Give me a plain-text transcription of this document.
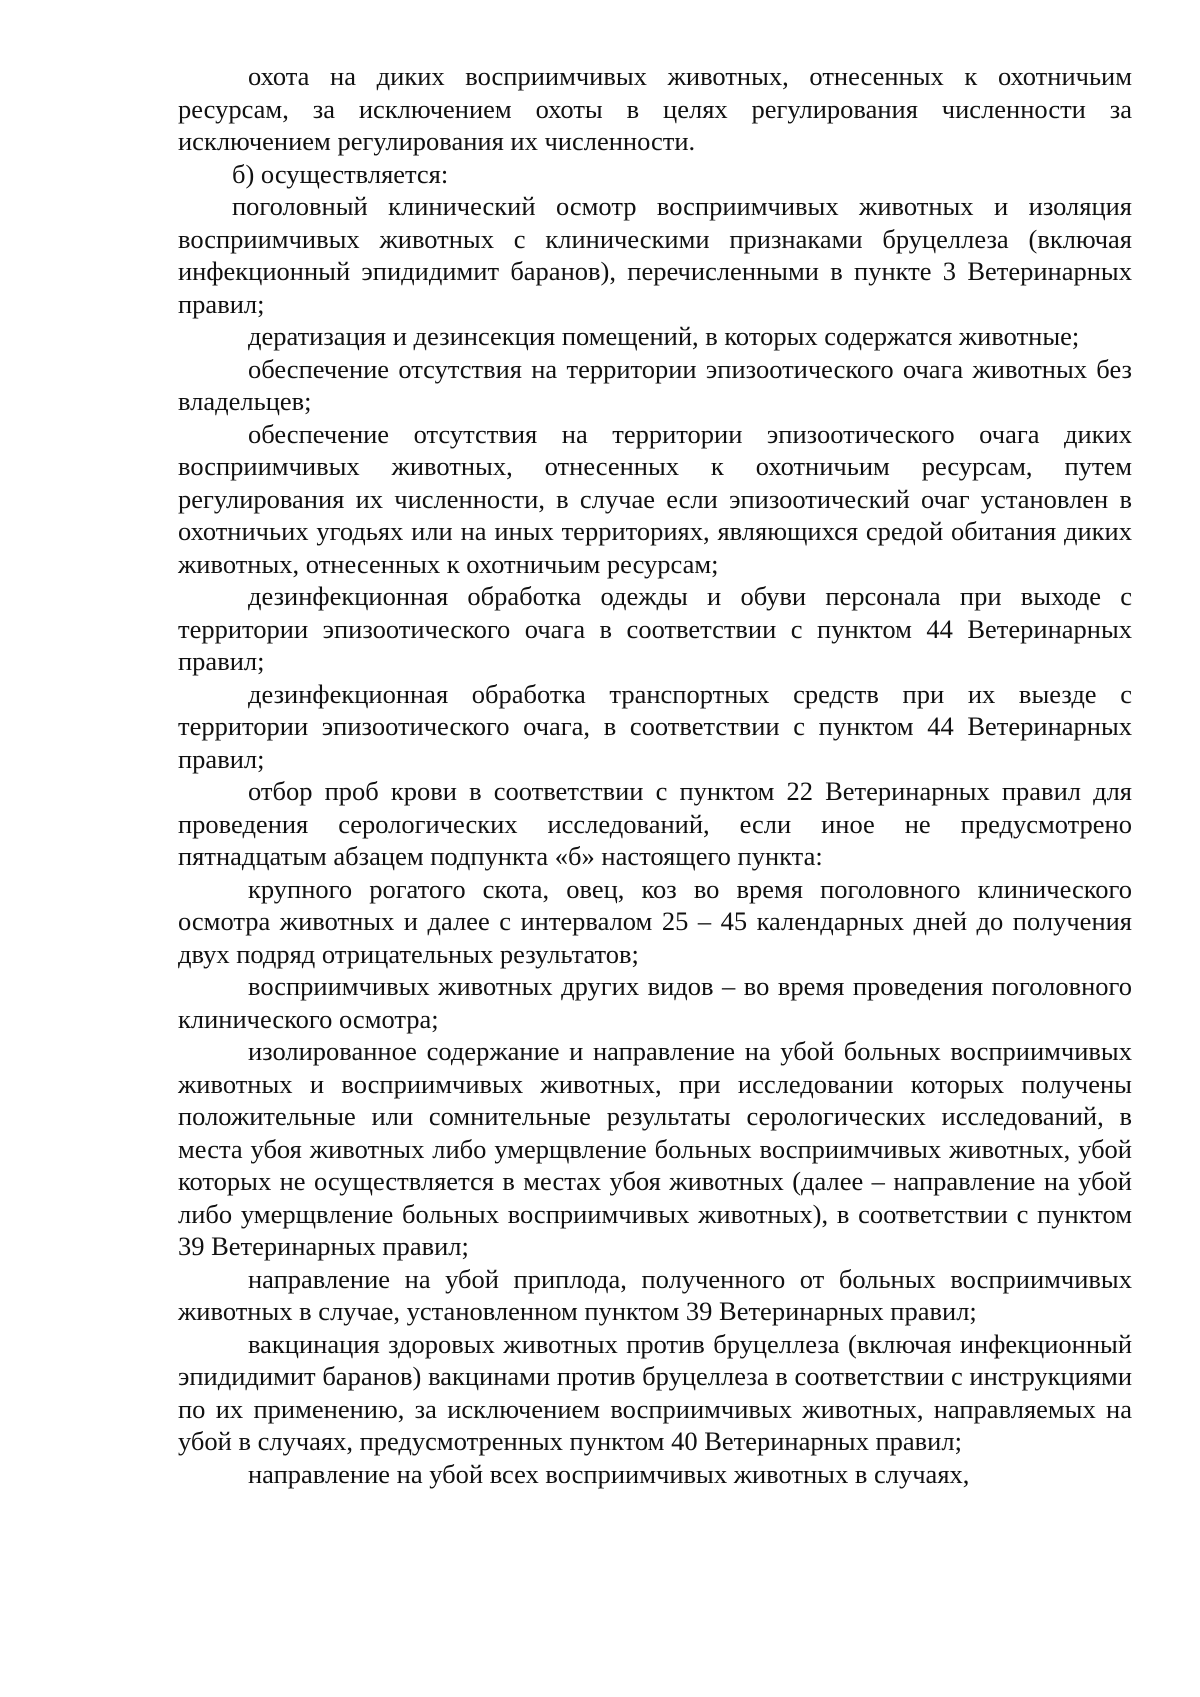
охота на диких восприимчивых животных, отнесенных к охотничьим ресурсам, за исключением охоты в целях регулирования численности за исключением регулирования их численности.

б) осуществляется:

поголовный клинический осмотр восприимчивых животных и изоляция восприимчивых животных с клиническими признаками бруцеллеза (включая инфекционный эпидидимит баранов), перечисленными в пункте 3 Ветеринарных правил;

дератизация и дезинсекция помещений, в которых содержатся животные;

обеспечение отсутствия на территории эпизоотического очага животных без владельцев;

обеспечение отсутствия на территории эпизоотического очага диких восприимчивых животных, отнесенных к охотничьим ресурсам, путем регулирования их численности, в случае если эпизоотический очаг установлен в охотничьих угодьях или на иных территориях, являющихся средой обитания диких животных, отнесенных к охотничьим ресурсам;

дезинфекционная обработка одежды и обуви персонала при выходе с территории эпизоотического очага в соответствии с пунктом 44 Ветеринарных правил;

дезинфекционная обработка транспортных средств при их выезде с территории эпизоотического очага, в соответствии с пунктом 44 Ветеринарных правил;

отбор проб крови в соответствии с пунктом 22 Ветеринарных правил для проведения серологических исследований, если иное не предусмотрено пятнадцатым абзацем подпункта «б» настоящего пункта:

крупного рогатого скота, овец, коз во время поголовного клинического осмотра животных и далее с интервалом 25 – 45 календарных дней до получения двух подряд отрицательных результатов;

восприимчивых животных других видов – во время проведения поголовного клинического осмотра;

изолированное содержание и направление на убой больных восприимчивых животных и восприимчивых животных, при исследовании которых получены положительные или сомнительные результаты серологических исследований, в места убоя животных либо умерщвление больных восприимчивых животных, убой которых не осуществляется в местах убоя животных (далее – направление на убой либо умерщвление больных восприимчивых животных), в соответствии с пунктом 39 Ветеринарных правил;

направление на убой приплода, полученного от больных восприимчивых животных в случае, установленном пунктом 39 Ветеринарных правил;

вакцинация здоровых животных против бруцеллеза (включая инфекционный эпидидимит баранов) вакцинами против бруцеллеза в соответствии с инструкциями по их применению, за исключением восприимчивых животных, направляемых на убой в случаях, предусмотренных пунктом 40 Ветеринарных правил;

направление на убой всех восприимчивых животных в случаях,
